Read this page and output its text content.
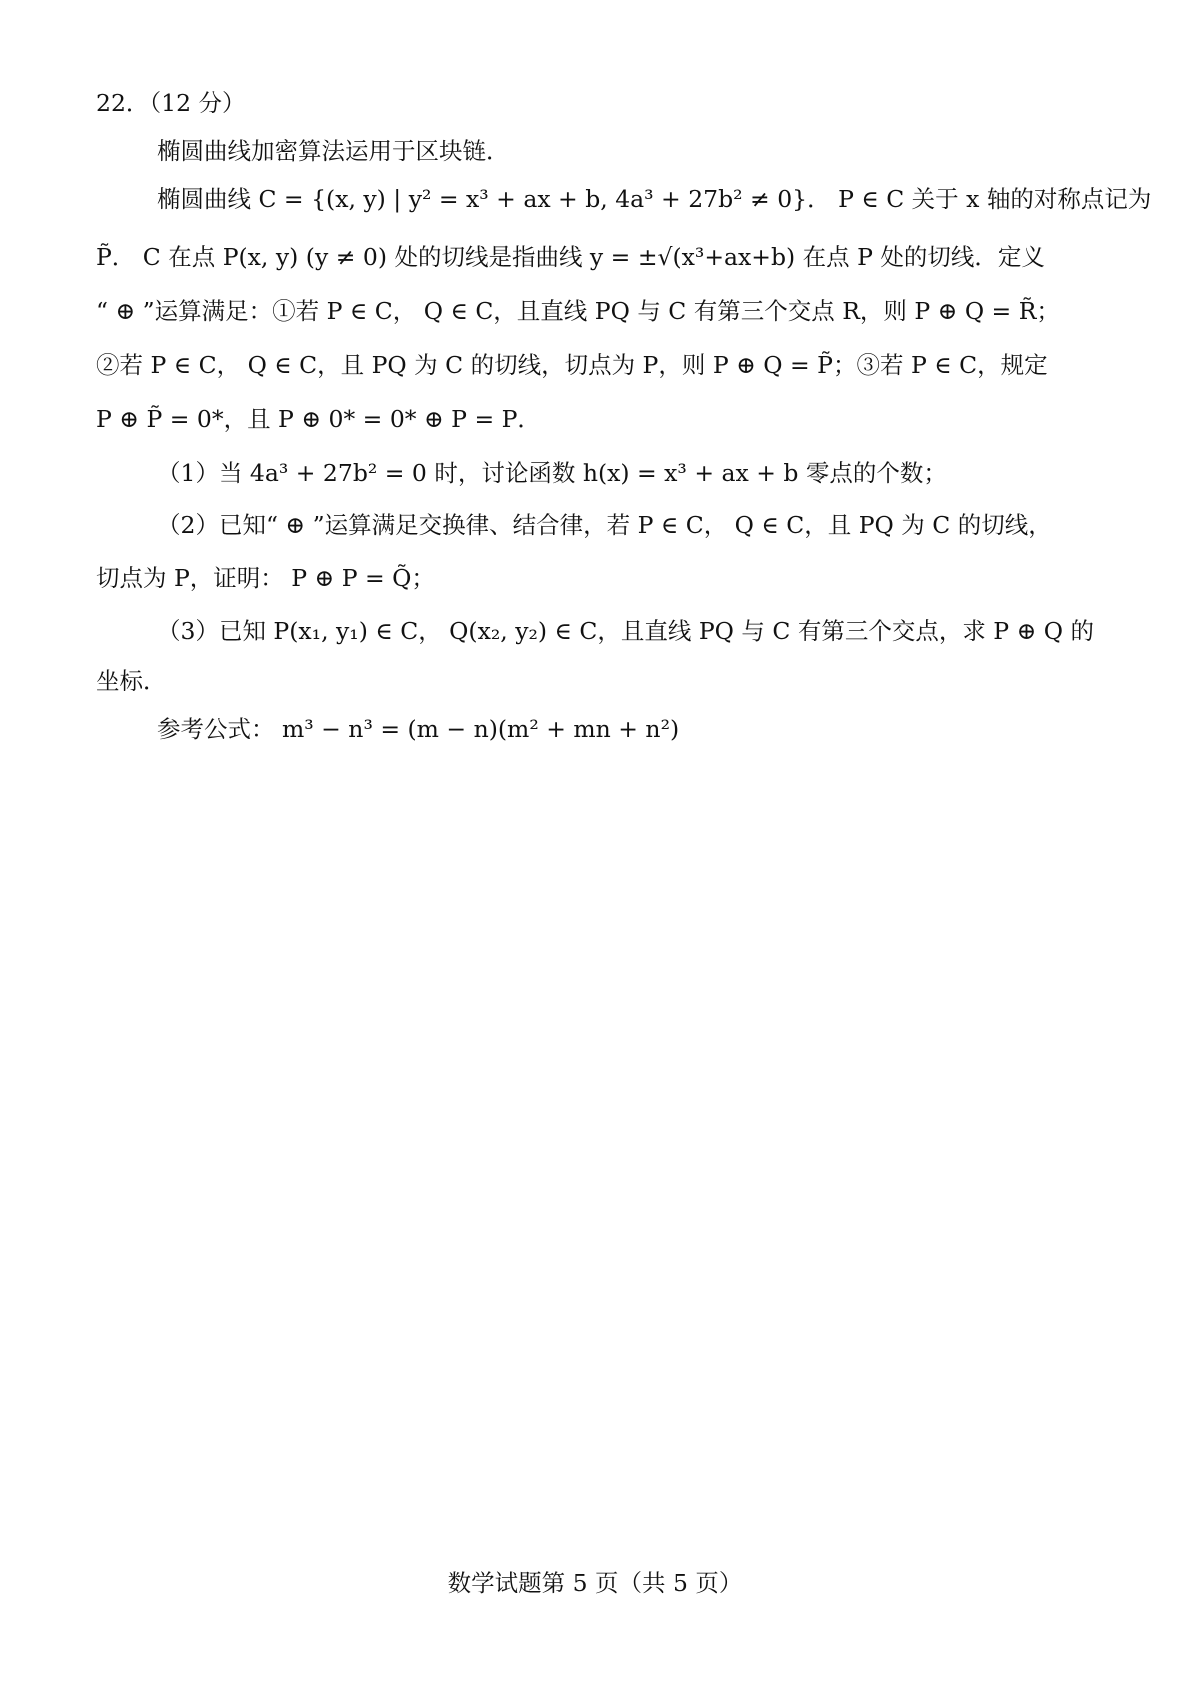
22．（12 分）
椭圆曲线加密算法运用于区块链．
椭圆曲线 C = {(x, y) | y² = x³ + ax + b, 4a³ + 27b² ≠ 0}． P ∈ C 关于 x 轴的对称点记为
P̃． C 在点 P(x, y) (y ≠ 0) 处的切线是指曲线 y = ±√(x³+ax+b) 在点 P 处的切线．定义
“ ⊕ ”运算满足：①若 P ∈ C， Q ∈ C，且直线 PQ 与 C 有第三个交点 R，则 P ⊕ Q = R̃；
②若 P ∈ C， Q ∈ C，且 PQ 为 C 的切线，切点为 P，则 P ⊕ Q = P̃；③若 P ∈ C，规定
P ⊕ P̃ = 0*，且 P ⊕ 0* = 0* ⊕ P = P．
（1）当 4a³ + 27b² = 0 时，讨论函数 h(x) = x³ + ax + b 零点的个数；
（2）已知“ ⊕ ”运算满足交换律、结合律，若 P ∈ C， Q ∈ C，且 PQ 为 C 的切线，
切点为 P，证明： P ⊕ P = Q̃；
（3）已知 P(x₁, y₁) ∈ C， Q(x₂, y₂) ∈ C，且直线 PQ 与 C 有第三个交点，求 P ⊕ Q 的
坐标．
参考公式： m³ − n³ = (m − n)(m² + mn + n²)
数学试题第 5 页（共 5 页）
